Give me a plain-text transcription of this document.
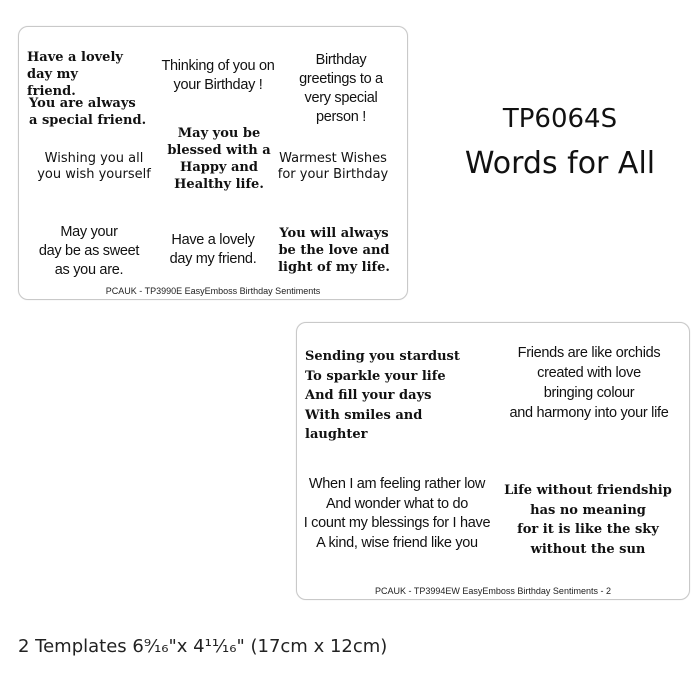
Have a lovely
day my friend.

You are always
a special friend.

Wishing you all
you wish yourself

May your
day be as sweet
as you are.

Thinking of you on
your Birthday !

May you be
blessed with a
Happy and
Healthy life.

Have a lovely
day my friend.

Birthday
greetings to a
very special
person !

Warmest Wishes
for your Birthday

You will always
be the love and
light of my life.

PCAUK - TP3990E EasyEmboss Birthday Sentiments

Sending you stardust
To sparkle your life
And fill your days
With smiles and laughter

Friends are like orchids
created with love
bringing colour
and harmony into your life

When I am feeling rather low
And wonder what to do
I count my blessings for I have
A kind, wise friend like you

Life without friendship
has no meaning
for it is like the sky
without the sun

PCAUK - TP3994EW EasyEmboss Birthday Sentiments - 2
TP6064S
Words for All
2 Templates 6⁹⁄₁₆"x 4¹¹⁄₁₆" (17cm x 12cm)
